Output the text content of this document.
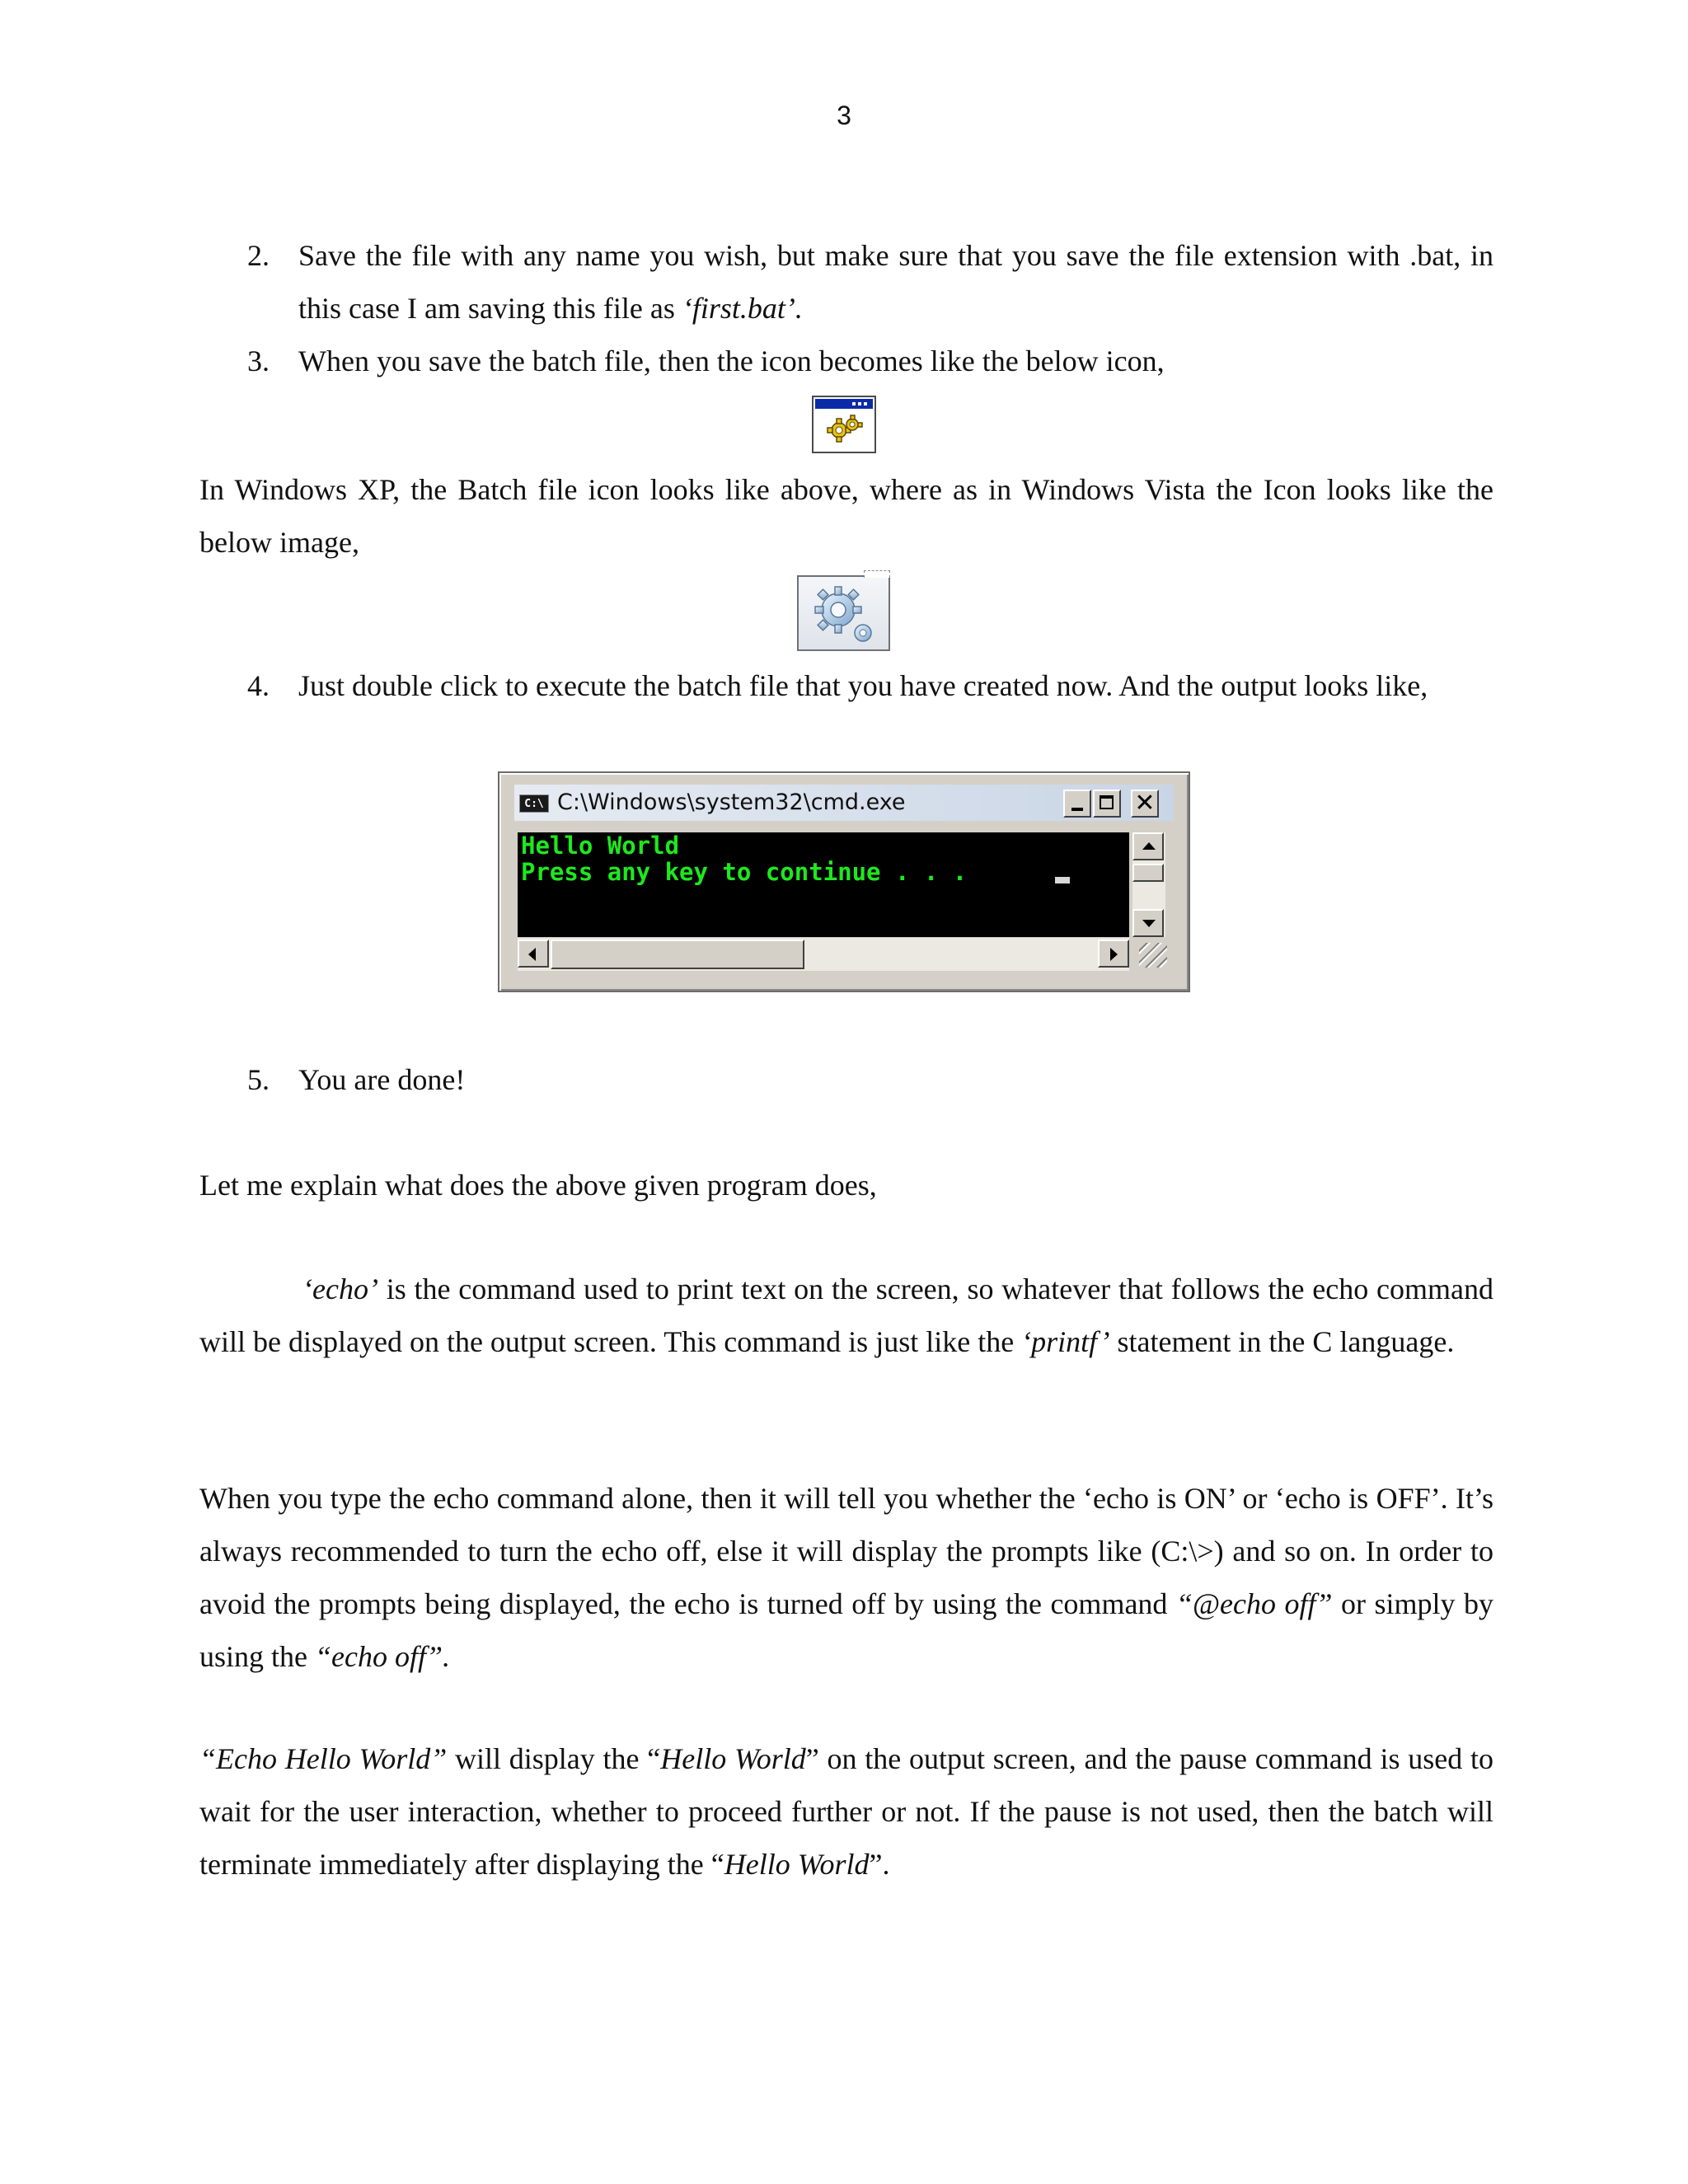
3
2. Save the file with any name you wish, but make sure that you save the file extension with .bat, in this case I am saving this file as ‘first.bat’.
3. When you save the batch file, then the icon becomes like the below icon,

In Windows XP, the Batch file icon looks like above, where as in Windows Vista the Icon looks like the below image,

4. Just double click to execute the batch file that you have created now. And the output looks like,
C:\ C:\Windows\system32\cmd.exe	✕
Hello World
Press any key to continue . . .
5. You are done!

Let me explain what does the above given program does,

‘echo’ is the command used to print text on the screen, so whatever that follows the echo command will be displayed on the output screen. This command is just like the ‘printf’ statement in the C language.

When you type the echo command alone, then it will tell you whether the ‘echo is ON’ or ‘echo is OFF’. It’s always recommended to turn the echo off, else it will display the prompts like (C:\>) and so on. In order to avoid the prompts being displayed, the echo is turned off by using the command “@echo off” or simply by using the “echo off”.

“Echo Hello World” will display the “Hello World” on the output screen, and the pause command is used to wait for the user interaction, whether to proceed further or not. If the pause is not used, then the batch will terminate immediately after displaying the “Hello World”.
